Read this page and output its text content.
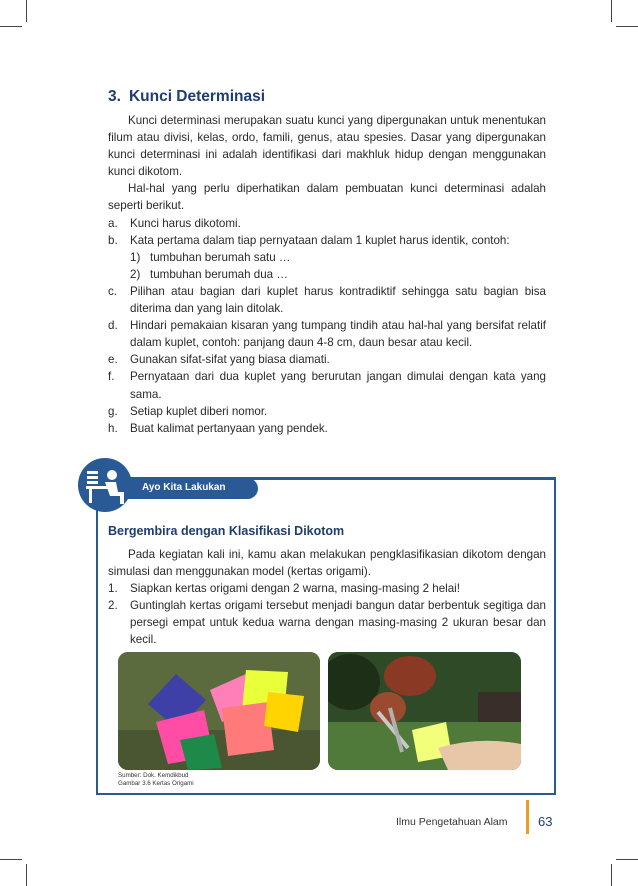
3. Kunci Determinasi

Kunci determinasi merupakan suatu kunci yang dipergunakan untuk menentukan filum atau divisi, kelas, ordo, famili, genus, atau spesies. Dasar yang dipergunakan kunci determinasi ini adalah identifikasi dari makhluk hidup dengan menggunakan kunci dikotom.

Hal-hal yang perlu diperhatikan dalam pembuatan kunci determinasi adalah seperti berikut.

a.	Kunci harus dikotomi.
b.	Kata pertama dalam tiap pernyataan dalam 1 kuplet harus identik, contoh:
1) tumbuhan berumah satu …
2) tumbuhan berumah dua …
c.	Pilihan atau bagian dari kuplet harus kontradiktif sehingga satu bagian bisa diterima dan yang lain ditolak.
d.	Hindari pemakaian kisaran yang tumpang tindih atau hal-hal yang bersifat relatif dalam kuplet, contoh: panjang daun 4-8 cm, daun besar atau kecil.
e.	Gunakan sifat-sifat yang biasa diamati.
f.	Pernyataan dari dua kuplet yang berurutan jangan dimulai dengan kata yang sama.
g.	Setiap kuplet diberi nomor.
h.	Buat kalimat pertanyaan yang pendek.
Ayo Kita Lakukan
Bergembira dengan Klasifikasi Dikotom

Pada kegiatan kali ini, kamu akan melakukan pengklasifikasian dikotom dengan simulasi dan menggunakan model (kertas origami).

1.	Siapkan kertas origami dengan 2 warna, masing-masing 2 helai!
2.	Guntinglah kertas origami tersebut menjadi bangun datar berbentuk segitiga dan persegi empat untuk kedua warna dengan masing-masing 2 ukuran besar dan kecil.
Sumber: Dok. Kemdikbud
Gambar 3.6 Kertas Origami
Ilmu Pengetahuan Alam 63
